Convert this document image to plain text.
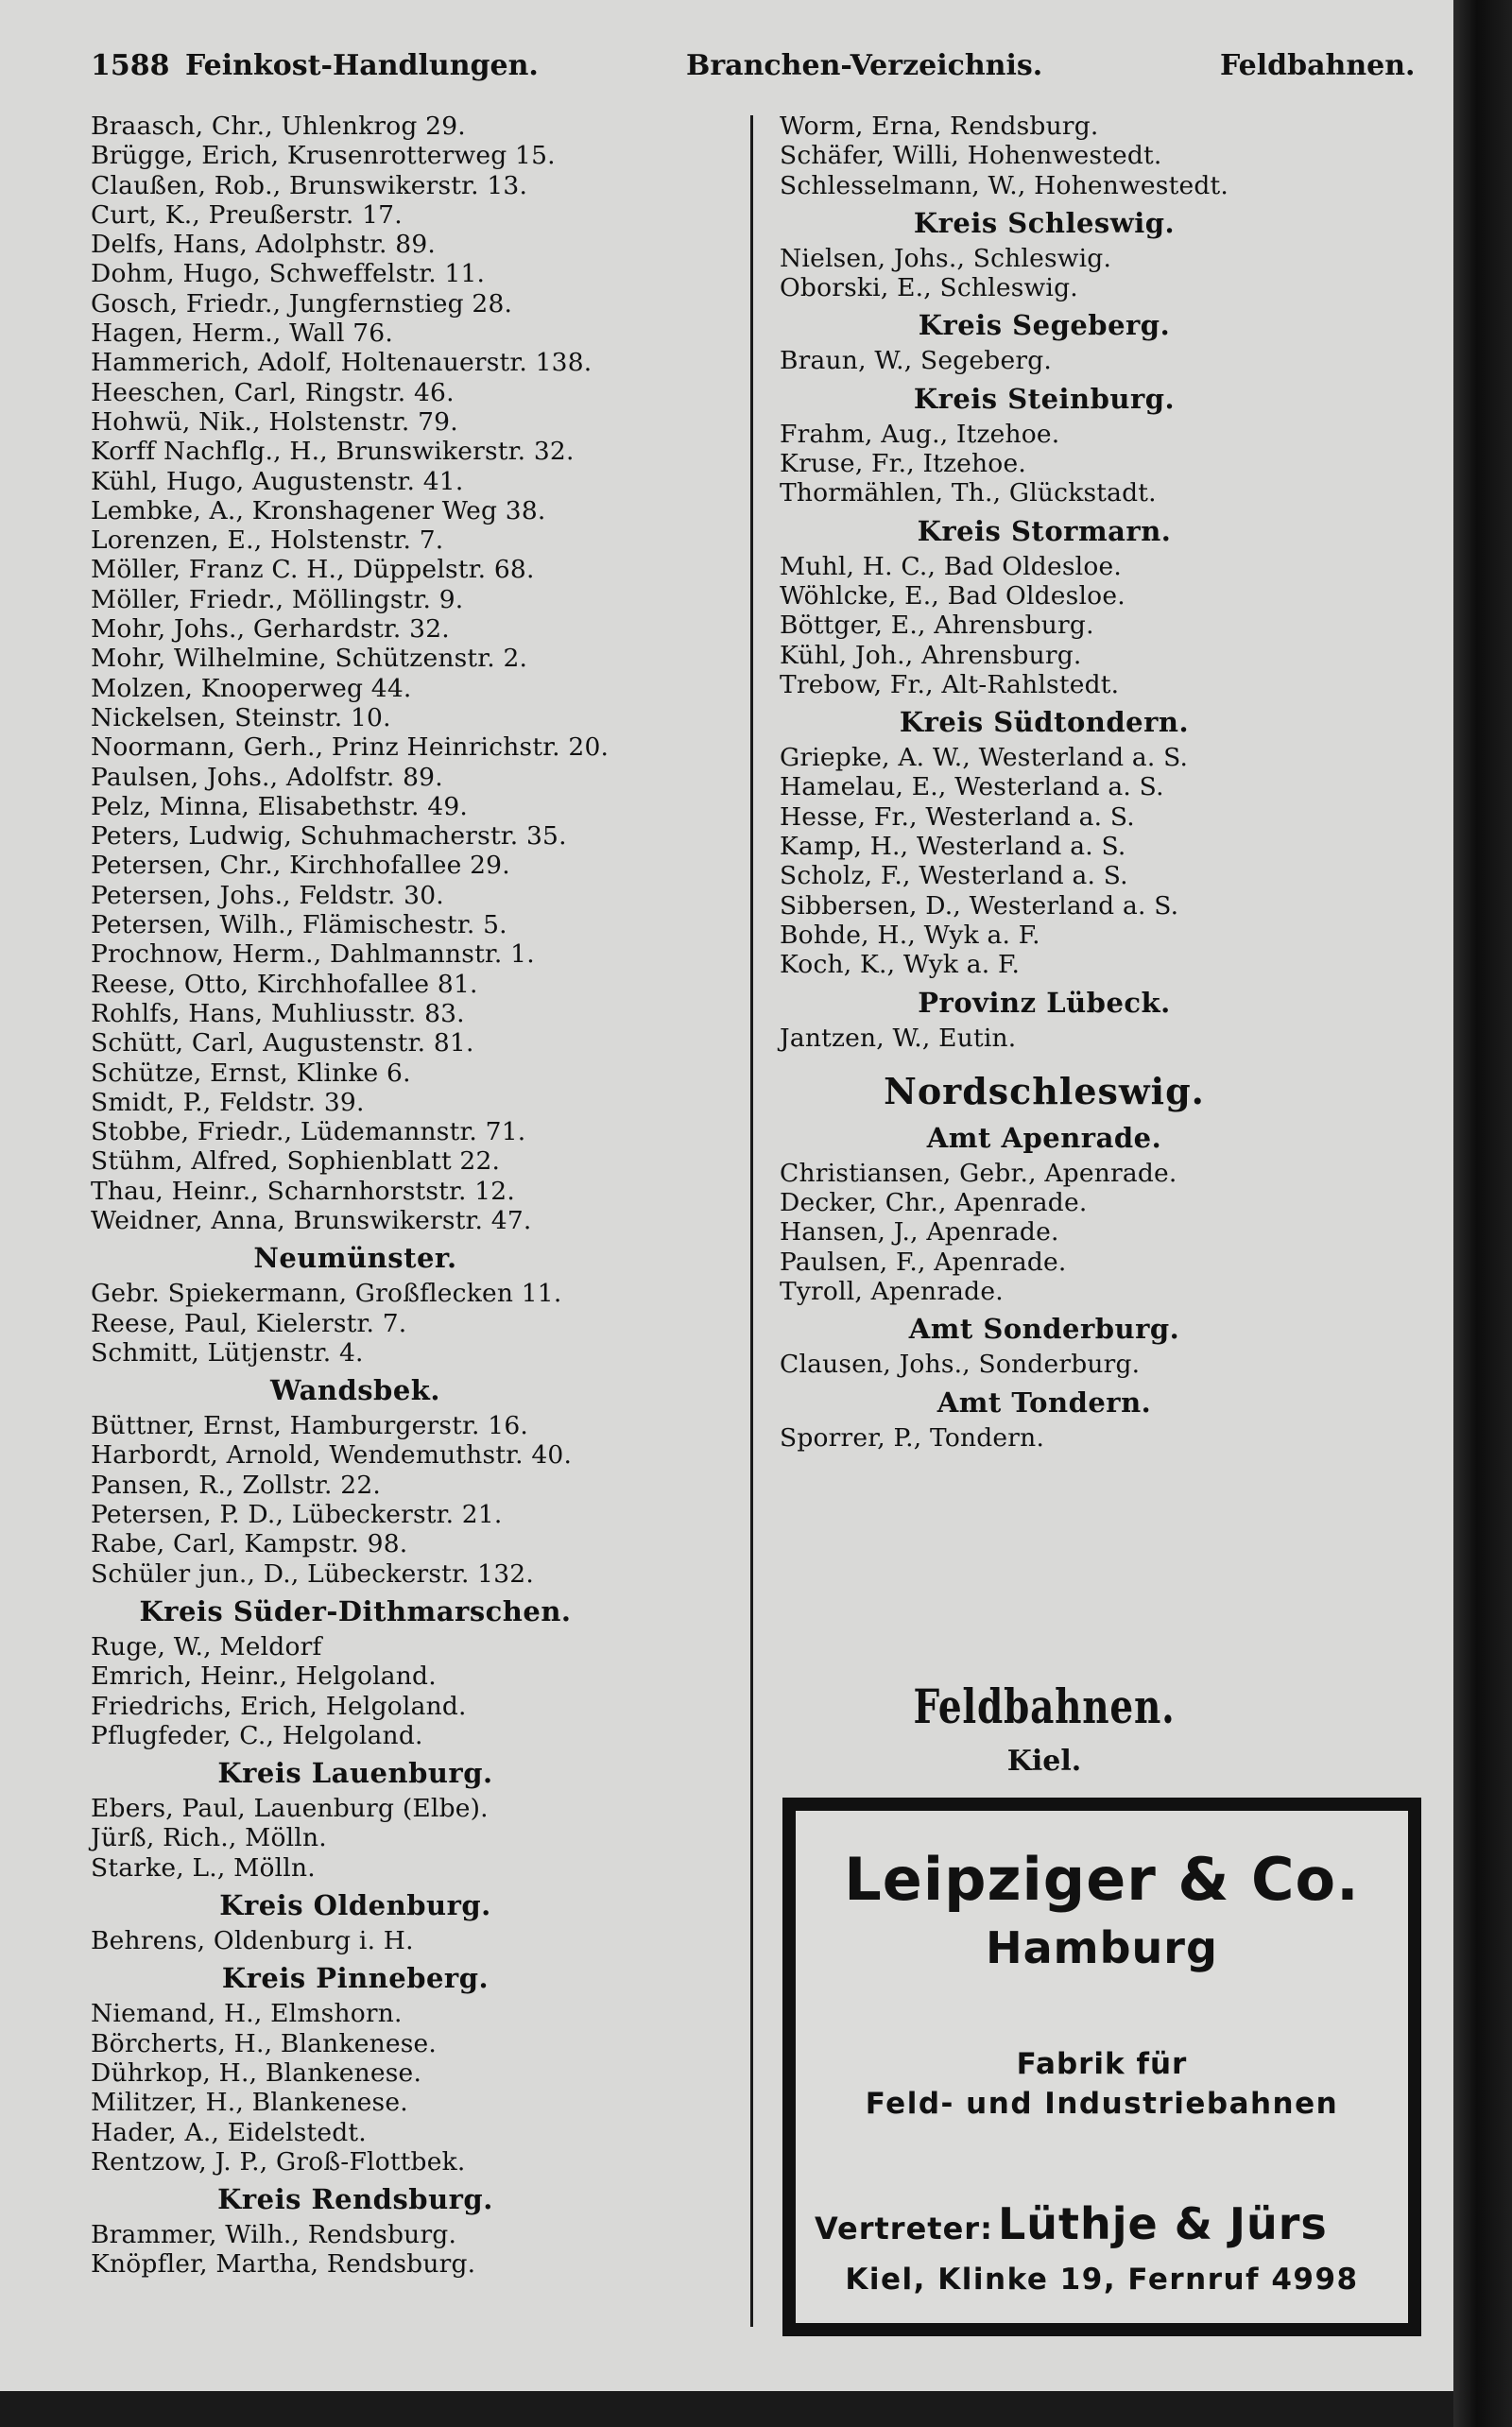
1588 Feinkost-Handlungen.	Branchen-Verzeichnis.	Feldbahnen.
Braasch, Chr., Uhlenkrog 29.
Brügge, Erich, Krusenrotterweg 15.
Claußen, Rob., Brunswikerstr. 13.
Curt, K., Preußerstr. 17.
Delfs, Hans, Adolphstr. 89.
Dohm, Hugo, Schweffelstr. 11.
Gosch, Friedr., Jungfernstieg 28.
Hagen, Herm., Wall 76.
Hammerich, Adolf, Holtenauerstr. 138.
Heeschen, Carl, Ringstr. 46.
Hohwü, Nik., Holstenstr. 79.
Korff Nachflg., H., Brunswikerstr. 32.
Kühl, Hugo, Augustenstr. 41.
Lembke, A., Kronshagener Weg 38.
Lorenzen, E., Holstenstr. 7.
Möller, Franz C. H., Düppelstr. 68.
Möller, Friedr., Möllingstr. 9.
Mohr, Johs., Gerhardstr. 32.
Mohr, Wilhelmine, Schützenstr. 2.
Molzen, Knooperweg 44.
Nickelsen, Steinstr. 10.
Noormann, Gerh., Prinz Heinrichstr. 20.
Paulsen, Johs., Adolfstr. 89.
Pelz, Minna, Elisabethstr. 49.
Peters, Ludwig, Schuhmacherstr. 35.
Petersen, Chr., Kirchhofallee 29.
Petersen, Johs., Feldstr. 30.
Petersen, Wilh., Flämischestr. 5.
Prochnow, Herm., Dahlmannstr. 1.
Reese, Otto, Kirchhofallee 81.
Rohlfs, Hans, Muhliusstr. 83.
Schütt, Carl, Augustenstr. 81.
Schütze, Ernst, Klinke 6.
Smidt, P., Feldstr. 39.
Stobbe, Friedr., Lüdemannstr. 71.
Stühm, Alfred, Sophienblatt 22.
Thau, Heinr., Scharnhorststr. 12.
Weidner, Anna, Brunswikerstr. 47.
Neumünster.
Gebr. Spiekermann, Großflecken 11.
Reese, Paul, Kielerstr. 7.
Schmitt, Lütjenstr. 4.
Wandsbek.
Büttner, Ernst, Hamburgerstr. 16.
Harbordt, Arnold, Wendemuthstr. 40.
Pansen, R., Zollstr. 22.
Petersen, P. D., Lübeckerstr. 21.
Rabe, Carl, Kampstr. 98.
Schüler jun., D., Lübeckerstr. 132.
Kreis Süder-Dithmarschen.
Ruge, W., Meldorf
Emrich, Heinr., Helgoland.
Friedrichs, Erich, Helgoland.
Pflugfeder, C., Helgoland.
Kreis Lauenburg.
Ebers, Paul, Lauenburg (Elbe).
Jürß, Rich., Mölln.
Starke, L., Mölln.
Kreis Oldenburg.
Behrens, Oldenburg i. H.
Kreis Pinneberg.
Niemand, H., Elmshorn.
Börcherts, H., Blankenese.
Dührkop, H., Blankenese.
Militzer, H., Blankenese.
Hader, A., Eidelstedt.
Rentzow, J. P., Groß-Flottbek.
Kreis Rendsburg.
Brammer, Wilh., Rendsburg.
Knöpfler, Martha, Rendsburg.
Worm, Erna, Rendsburg.
Schäfer, Willi, Hohenwestedt.
Schlesselmann, W., Hohenwestedt.
Kreis Schleswig.
Nielsen, Johs., Schleswig.
Oborski, E., Schleswig.
Kreis Segeberg.
Braun, W., Segeberg.
Kreis Steinburg.
Frahm, Aug., Itzehoe.
Kruse, Fr., Itzehoe.
Thormählen, Th., Glückstadt.
Kreis Stormarn.
Muhl, H. C., Bad Oldesloe.
Wöhlcke, E., Bad Oldesloe.
Böttger, E., Ahrensburg.
Kühl, Joh., Ahrensburg.
Trebow, Fr., Alt-Rahlstedt.
Kreis Südtondern.
Griepke, A. W., Westerland a. S.
Hamelau, E., Westerland a. S.
Hesse, Fr., Westerland a. S.
Kamp, H., Westerland a. S.
Scholz, F., Westerland a. S.
Sibbersen, D., Westerland a. S.
Bohde, H., Wyk a. F.
Koch, K., Wyk a. F.
Provinz Lübeck.
Jantzen, W., Eutin.
Nordschleswig.
Amt Apenrade.
Christiansen, Gebr., Apenrade.
Decker, Chr., Apenrade.
Hansen, J., Apenrade.
Paulsen, F., Apenrade.
Tyroll, Apenrade.
Amt Sonderburg.
Clausen, Johs., Sonderburg.
Amt Tondern.
Sporrer, P., Tondern.
Feldbahnen.
Kiel.
Leipziger & Co.
Hamburg
Fabrik für
Feld- und Industriebahnen
Vertreter: Lüthje & Jürs
Kiel, Klinke 19, Fernruf 4998
